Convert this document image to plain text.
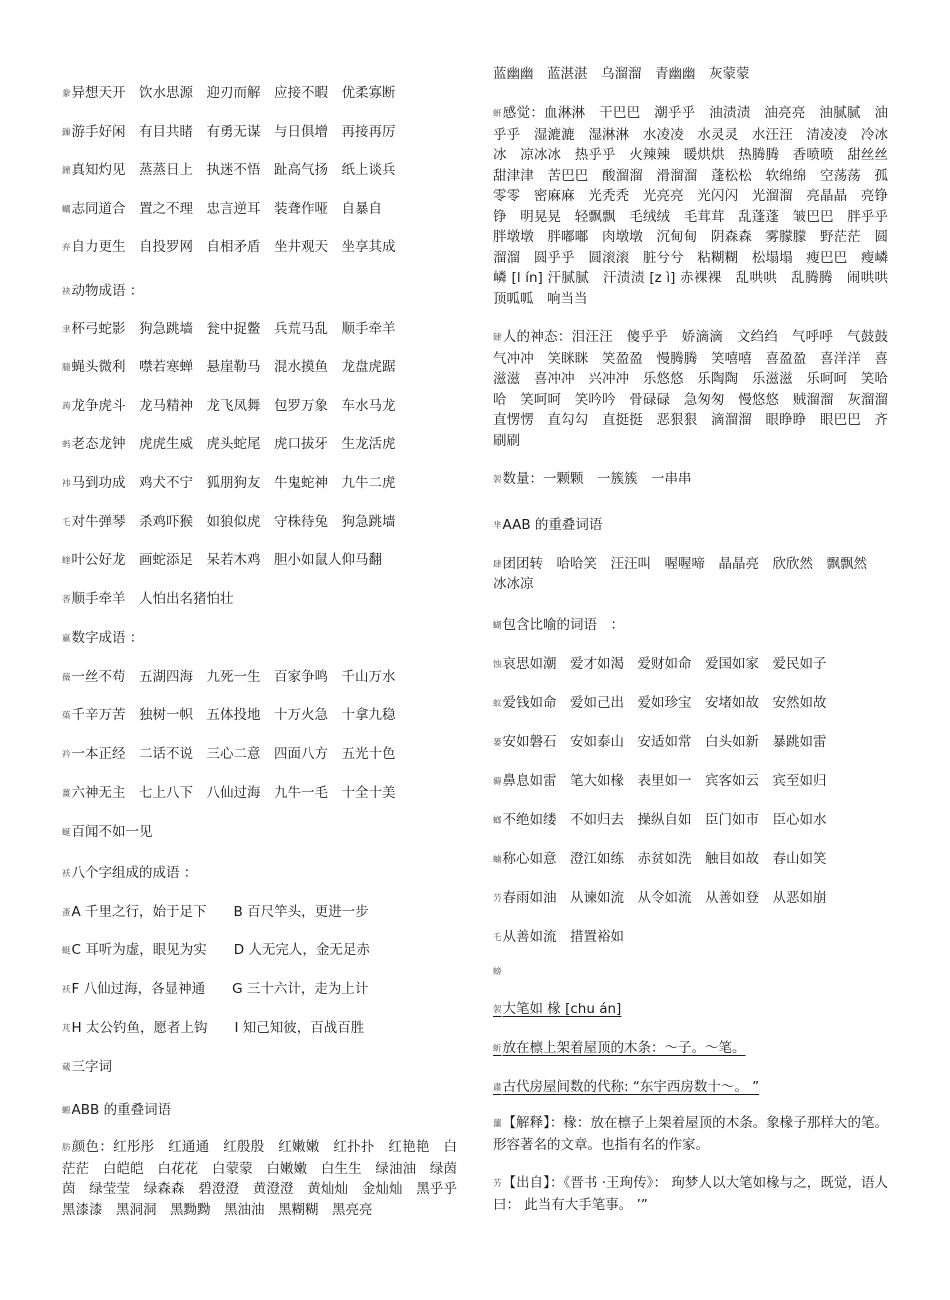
豢异想天开　饮水思源　迎刃而解　应接不暇　优柔寡断
鏁游手好闲　有目共睹　有勇无谋　与日俱增　再接再厉
鐘真知灼见　蒸蒸日上　执迷不悟　趾高气扬　纸上谈兵
蠣志同道合　置之不理　忠言逆耳　装聋作哑　自暴自
弃自力更生　自投罗网　自相矛盾　坐井观天　坐享其成
袂动物成语 ：
聿杯弓蛇影　狗急跳墙　瓮中捉鳖　兵荒马乱　顺手牵羊
膸蝇头微利　噤若寒蝉　悬崖勒马　混水摸鱼　龙盘虎踞
蒟龙争虎斗　龙马精神　龙飞凤舞　包罗万象　车水马龙
蚂老态龙钟　虎虎生威　虎头蛇尾　虎口拔牙　生龙活虎
袆马到功成　鸡犬不宁　狐朋狗友　牛鬼蛇神　九牛二虎
乇对牛弹琴　杀鸡吓猴　如狼似虎　守株待兔　狗急跳墙
蝰叶公好龙　画蛇添足　呆若木鸡　胆小如鼠人仰马翻
莕顺手牵羊　人怕出名猪怕壮
羸数字成语 ：
薇一丝不苟　五湖四海　九死一生　百家争鸣　千山万水
蒅千辛万苦　独树一帜　五体投地　十万火急　十拿九稳
衿一本正经　二话不说　三心二意　四面八方　五光十色
薑六神无主　七上八下　八仙过海　九牛一毛　十全十美
蜒百闻不如一见
袄八个字组成的成语 ：
蚉A 千里之行，始于足下　　B 百尺竿头，更进一步
蜓C 耳听为虚，眼见为实　　D 人无完人，金无足赤
袄F 八仙过海，各显神通　　G 三十六计，走为上计
芃H 太公钓鱼，愿者上钩　　I 知己知彼，百战百胜
蒇三字词
螈ABB 的重叠词语
肪颜色：红彤彤　红通通　红殷殷　红嫩嫩　红扑扑　红艳艳　白茫茫　白皑皑　白花花　白蒙蒙　白嫩嫩　白生生　绿油油　绿茵茵　绿莹莹　绿森森　碧澄澄　黄澄澄　黄灿灿　金灿灿　黑乎乎　黑漆漆　黑洞洞　黑黝黝　黑油油　黑糊糊　黑亮亮
蓝幽幽　蓝湛湛　乌溜溜　青幽幽　灰蒙蒙
蚈感觉：血淋淋　干巴巴　潮乎乎　油渍渍　油亮亮　油腻腻　油乎乎　湿漉漉　湿淋淋　水凌凌　水灵灵　水汪汪　清凌凌　冷冰冰　凉冰冰　热乎乎　火辣辣　暖烘烘　热腾腾　香喷喷　甜丝丝　甜津津　苦巴巴　酸溜溜　滑溜溜　蓬松松　软绵绵　空荡荡　孤零零　密麻麻　光秃秃　光亮亮　光闪闪　光溜溜　亮晶晶　亮铮铮　明晃晃　轻飘飘　毛绒绒　毛茸茸　乱蓬蓬　皱巴巴　胖乎乎　胖墩墩　胖嘟嘟　肉墩墩　沉甸甸　阴森森　雾朦朦　野茫茫　圆溜溜　圆乎乎　圆滚滚　脏兮兮　粘糊糊　松塌塌　瘦巴巴　瘦嶙嶙 [l ín] 汗腻腻　汗渍渍 [z ì] 赤裸裸　乱哄哄　乱腾腾　闹哄哄　顶呱呱　响当当
肄人的神态：泪汪汪　傻乎乎　娇滴滴　文绉绉　气呼呼　气鼓鼓　气冲冲　笑眯眯　笑盈盈　慢腾腾　笑嘻嘻　喜盈盈　喜洋洋　喜滋滋　喜冲冲　兴冲冲　乐悠悠　乐陶陶　乐滋滋　乐呵呵　笑哈哈　笑呵呵　笑吟吟　骨碌碌　急匆匆　慢悠悠　贼溜溜　灰溜溜　直愣愣　直勾勾　直挺挺　恶狠狠　滴溜溜　眼睁睁　眼巴巴　齐刷刷
袈数量：一颗颗　一簇簇　一串串
芈AAB 的重叠词语
肆团团转　哈哈笑　汪汪叫　喔喔啼　晶晶亮　欣欣然　飘飘然
冰冰凉
蝴包含比喻的词语　：
蚀哀思如潮　爱才如渴　爱财如命　爱国如家　爱民如子
蚁爱钱如命　爱如己出　爱如珍宝　安堵如故　安然如故
蒌安如磐石　安如泰山　安适如常　白头如新　暴跳如雷
薅鼻息如雷　笔大如椽　表里如一　宾客如云　宾至如归
螂不绝如缕　不如归去　操纵自如　臣门如市　臣心如水
蝻称心如意　澄江如练　赤贫如洗　触目如故　春山如笑
芀春雨如油　从谏如流　从令如流　从善如登　从恶如崩
乇从善如流　措置裕如
螃
袈大笔如 椽 [chu án]
蚚放在檩上架着屋顶的木条：～子。～笔。
肅古代房屋间数的代称: “东宇西房数十～。 ”
蘁【解释】：椽：放在檩子上架着屋顶的木条。象椽子那样大的笔。形容著名的文章。也指有名的作家。
艻【出自】：《晋书 ·王珣传》： 珣梦人以大笔如椽与之，既觉，语人曰： 此当有大手笔事。 ’”
